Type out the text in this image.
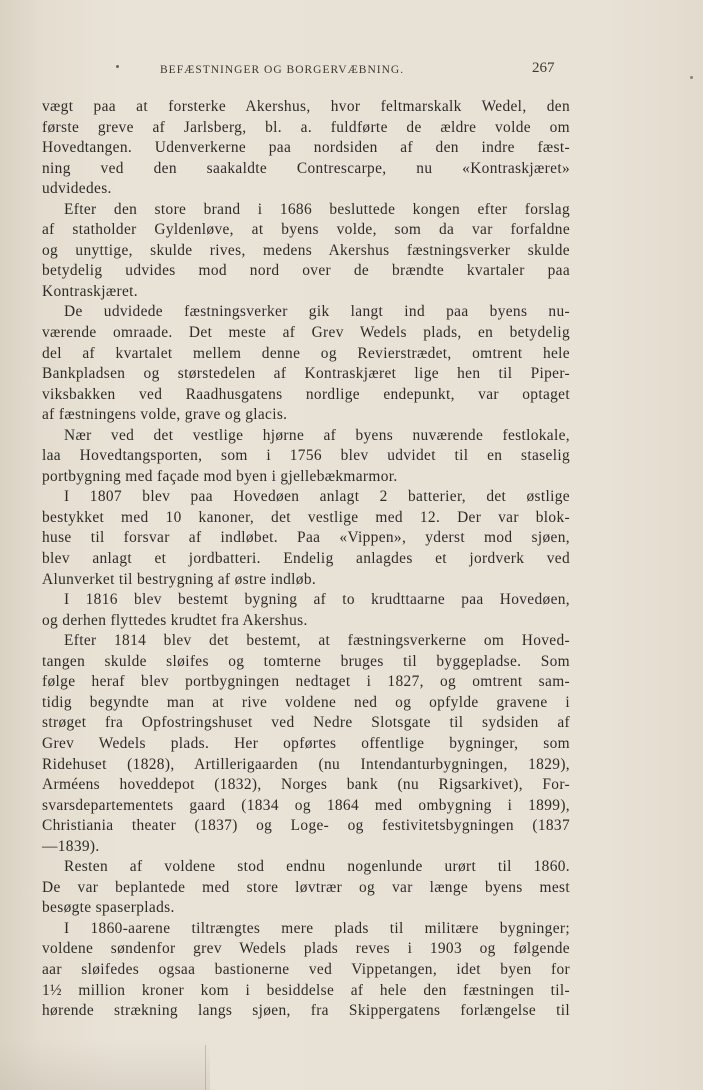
BEFÆSTNINGER OG BORGERVÆBNING.	267
vægt paa at forsterke Akershus, hvor feltmarskalk Wedel, den
første greve af Jarlsberg, bl. a. fuldførte de ældre volde om
Hovedtangen. Udenverkerne paa nordsiden af den indre fæst-
ning ved den saakaldte Contrescarpe, nu «Kontraskjæret»
udvidedes.
Efter den store brand i 1686 besluttede kongen efter forslag
af statholder Gyldenløve, at byens volde, som da var forfaldne
og unyttige, skulde rives, medens Akershus fæstningsverker skulde
betydelig udvides mod nord over de brændte kvartaler paa
Kontraskjæret.
De udvidede fæstningsverker gik langt ind paa byens nu-
værende omraade. Det meste af Grev Wedels plads, en betydelig
del af kvartalet mellem denne og Revierstrædet, omtrent hele
Bankpladsen og størstedelen af Kontraskjæret lige hen til Piper-
viksbakken ved Raadhusgatens nordlige endepunkt, var optaget
af fæstningens volde, grave og glacis.
Nær ved det vestlige hjørne af byens nuværende festlokale,
laa Hovedtangsporten, som i 1756 blev udvidet til en staselig
portbygning med façade mod byen i gjellebækmarmor.
I 1807 blev paa Hovedøen anlagt 2 batterier, det østlige
bestykket med 10 kanoner, det vestlige med 12. Der var blok-
huse til forsvar af indløbet. Paa «Vippen», yderst mod sjøen,
blev anlagt et jordbatteri. Endelig anlagdes et jordverk ved
Alunverket til bestrygning af østre indløb.
I 1816 blev bestemt bygning af to krudttaarne paa Hovedøen,
og derhen flyttedes krudtet fra Akershus.
Efter 1814 blev det bestemt, at fæstningsverkerne om Hoved-
tangen skulde sløifes og tomterne bruges til byggepladse. Som
følge heraf blev portbygningen nedtaget i 1827, og omtrent sam-
tidig begyndte man at rive voldene ned og opfylde gravene i
strøget fra Opfostringshuset ved Nedre Slotsgate til sydsiden af
Grev Wedels plads. Her opførtes offentlige bygninger, som
Ridehuset (1828), Artillerigaarden (nu Intendanturbygningen, 1829),
Arméens hoveddepot (1832), Norges bank (nu Rigsarkivet), For-
svarsdepartementets gaard (1834 og 1864 med ombygning i 1899),
Christiania theater (1837) og Loge- og festivitetsbygningen (1837
—1839).
Resten af voldene stod endnu nogenlunde urørt til 1860.
De var beplantede med store løvtrær og var længe byens mest
besøgte spaserplads.
I 1860-aarene tiltrængtes mere plads til militære bygninger;
voldene søndenfor grev Wedels plads reves i 1903 og følgende
aar sløifedes ogsaa bastionerne ved Vippetangen, idet byen for
1½ million kroner kom i besiddelse af hele den fæstningen til-
hørende strækning langs sjøen, fra Skippergatens forlængelse til
